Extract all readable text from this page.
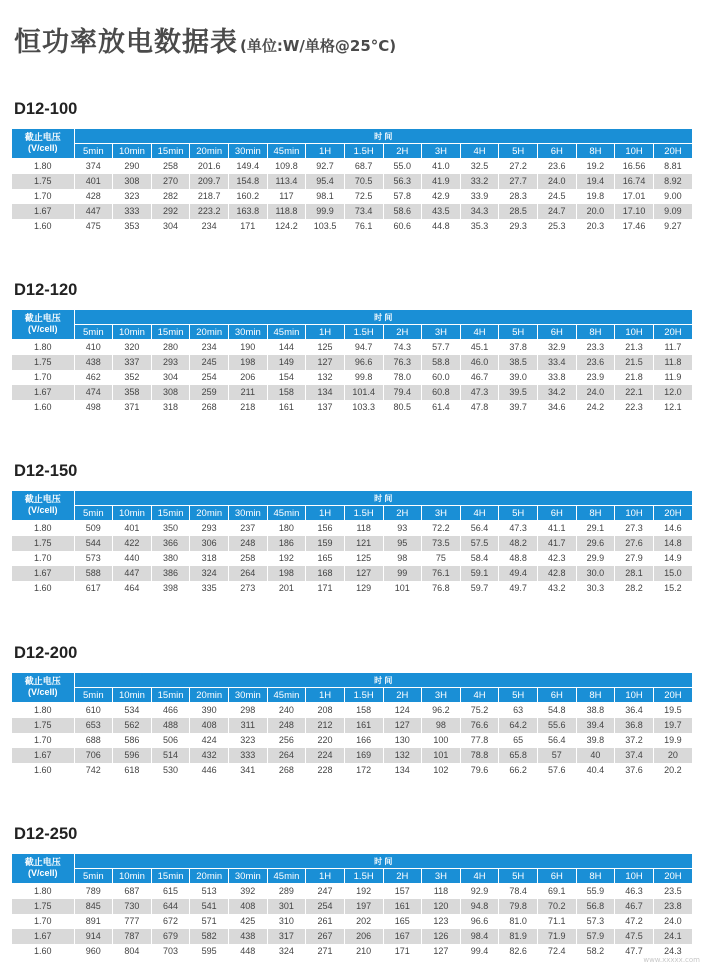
恒功率放电数据表 (单位:W/单格@25°C)
D12-100
截止电压
(V/cell)	时 间															
	5min	10min	15min	20min	30min	45min	1H	1.5H	2H	3H	4H	5H	6H	8H	10H	20H
1.80	374	290	258	201.6	149.4	109.8	92.7	68.7	55.0	41.0	32.5	27.2	23.6	19.2	16.56	8.81
1.75	401	308	270	209.7	154.8	113.4	95.4	70.5	56.3	41.9	33.2	27.7	24.0	19.4	16.74	8.92
1.70	428	323	282	218.7	160.2	117	98.1	72.5	57.8	42.9	33.9	28.3	24.5	19.8	17.01	9.00
1.67	447	333	292	223.2	163.8	118.8	99.9	73.4	58.6	43.5	34.3	28.5	24.7	20.0	17.10	9.09
1.60	475	353	304	234	171	124.2	103.5	76.1	60.6	44.8	35.3	29.3	25.3	20.3	17.46	9.27
D12-120
截止电压
(V/cell)	时 间															
	5min	10min	15min	20min	30min	45min	1H	1.5H	2H	3H	4H	5H	6H	8H	10H	20H
1.80	410	320	280	234	190	144	125	94.7	74.3	57.7	45.1	37.8	32.9	23.3	21.3	11.7
1.75	438	337	293	245	198	149	127	96.6	76.3	58.8	46.0	38.5	33.4	23.6	21.5	11.8
1.70	462	352	304	254	206	154	132	99.8	78.0	60.0	46.7	39.0	33.8	23.9	21.8	11.9
1.67	474	358	308	259	211	158	134	101.4	79.4	60.8	47.3	39.5	34.2	24.0	22.1	12.0
1.60	498	371	318	268	218	161	137	103.3	80.5	61.4	47.8	39.7	34.6	24.2	22.3	12.1
D12-150
截止电压
(V/cell)	时 间															
	5min	10min	15min	20min	30min	45min	1H	1.5H	2H	3H	4H	5H	6H	8H	10H	20H
1.80	509	401	350	293	237	180	156	118	93	72.2	56.4	47.3	41.1	29.1	27.3	14.6
1.75	544	422	366	306	248	186	159	121	95	73.5	57.5	48.2	41.7	29.6	27.6	14.8
1.70	573	440	380	318	258	192	165	125	98	75	58.4	48.8	42.3	29.9	27.9	14.9
1.67	588	447	386	324	264	198	168	127	99	76.1	59.1	49.4	42.8	30.0	28.1	15.0
1.60	617	464	398	335	273	201	171	129	101	76.8	59.7	49.7	43.2	30.3	28.2	15.2
D12-200
截止电压
(V/cell)	时 间															
	5min	10min	15min	20min	30min	45min	1H	1.5H	2H	3H	4H	5H	6H	8H	10H	20H
1.80	610	534	466	390	298	240	208	158	124	96.2	75.2	63	54.8	38.8	36.4	19.5
1.75	653	562	488	408	311	248	212	161	127	98	76.6	64.2	55.6	39.4	36.8	19.7
1.70	688	586	506	424	323	256	220	166	130	100	77.8	65	56.4	39.8	37.2	19.9
1.67	706	596	514	432	333	264	224	169	132	101	78.8	65.8	57	40	37.4	20
1.60	742	618	530	446	341	268	228	172	134	102	79.6	66.2	57.6	40.4	37.6	20.2
D12-250
截止电压
(V/cell)	时 间															
	5min	10min	15min	20min	30min	45min	1H	1.5H	2H	3H	4H	5H	6H	8H	10H	20H
1.80	789	687	615	513	392	289	247	192	157	118	92.9	78.4	69.1	55.9	46.3	23.5
1.75	845	730	644	541	408	301	254	197	161	120	94.8	79.8	70.2	56.8	46.7	23.8
1.70	891	777	672	571	425	310	261	202	165	123	96.6	81.0	71.1	57.3	47.2	24.0
1.67	914	787	679	582	438	317	267	206	167	126	98.4	81.9	71.9	57.9	47.5	24.1
1.60	960	804	703	595	448	324	271	210	171	127	99.4	82.6	72.4	58.2	47.7	24.3
www.xxxxx.com
